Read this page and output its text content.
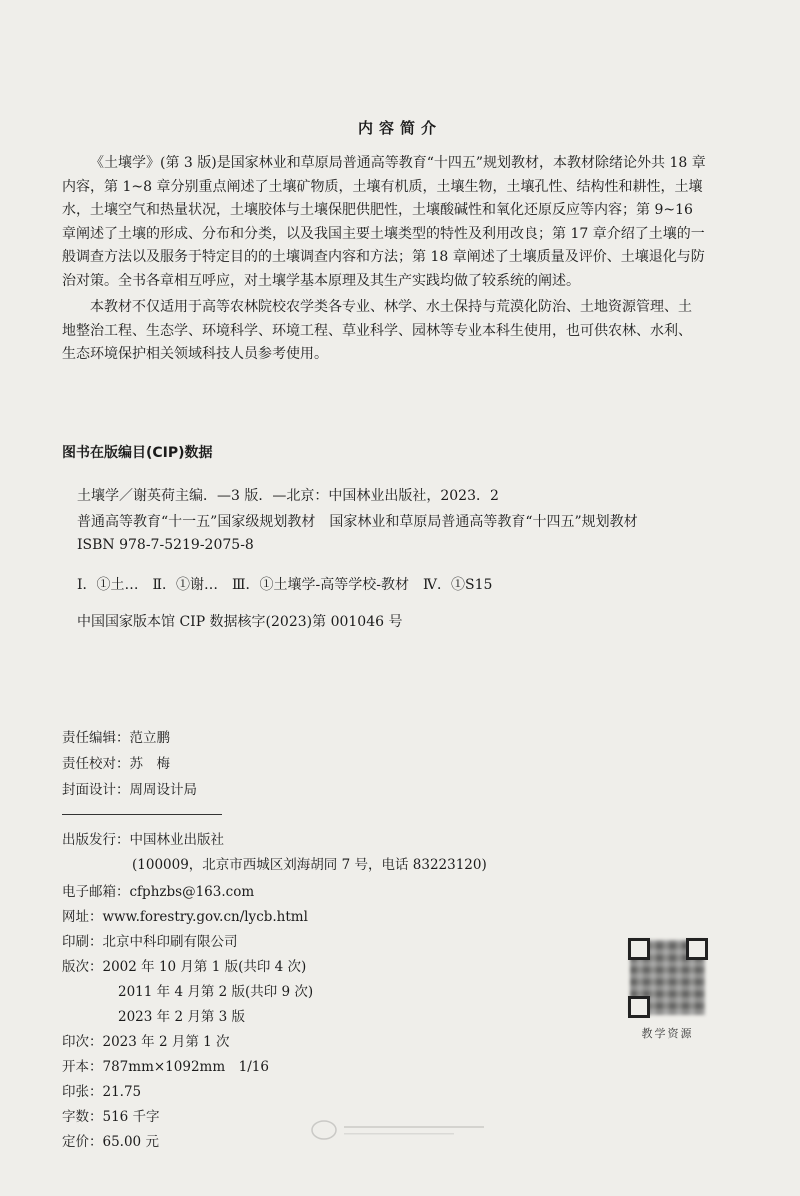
内容简介
《土壤学》(第 3 版)是国家林业和草原局普通高等教育“十四五”规划教材，本教材除绪论外共 18 章
内容，第 1~8 章分别重点阐述了土壤矿物质，土壤有机质，土壤生物，土壤孔性、结构性和耕性，土壤
水，土壤空气和热量状况，土壤胶体与土壤保肥供肥性，土壤酸碱性和氧化还原反应等内容；第 9~16
章阐述了土壤的形成、分布和分类，以及我国主要土壤类型的特性及利用改良；第 17 章介绍了土壤的一
般调查方法以及服务于特定目的的土壤调查内容和方法；第 18 章阐述了土壤质量及评价、土壤退化与防
治对策。全书各章相互呼应，对土壤学基本原理及其生产实践均做了较系统的阐述。
本教材不仅适用于高等农林院校农学类各专业、林学、水土保持与荒漠化防治、土地资源管理、土
地整治工程、生态学、环境科学、环境工程、草业科学、园林等专业本科生使用，也可供农林、水利、
生态环境保护相关领域科技人员参考使用。
图书在版编目(CIP)数据
土壤学／谢英荷主编．—3 版．—北京：中国林业出版社，2023．2
普通高等教育“十一五”国家级规划教材　国家林业和草原局普通高等教育“十四五”规划教材
ISBN 978-7-5219-2075-8
Ⅰ．①土…　Ⅱ．①谢…　Ⅲ．①土壤学-高等学校-教材　Ⅳ．①S15
中国国家版本馆 CIP 数据核字(2023)第 001046 号
责任编辑：范立鹏
责任校对：苏　梅
封面设计：周周设计局
出版发行：中国林业出版社
(100009，北京市西城区刘海胡同 7 号，电话 83223120)
电子邮箱：cfphzbs@163.com
网址：www.forestry.gov.cn/lycb.html
印刷：北京中科印刷有限公司
版次：2002 年 10 月第 1 版(共印 4 次)
2011 年 4 月第 2 版(共印 9 次)
2023 年 2 月第 3 版
印次：2023 年 2 月第 1 次
开本：787mm×1092mm　1/16
印张：21.75
字数：516 千字
定价：65.00 元
教学资源
